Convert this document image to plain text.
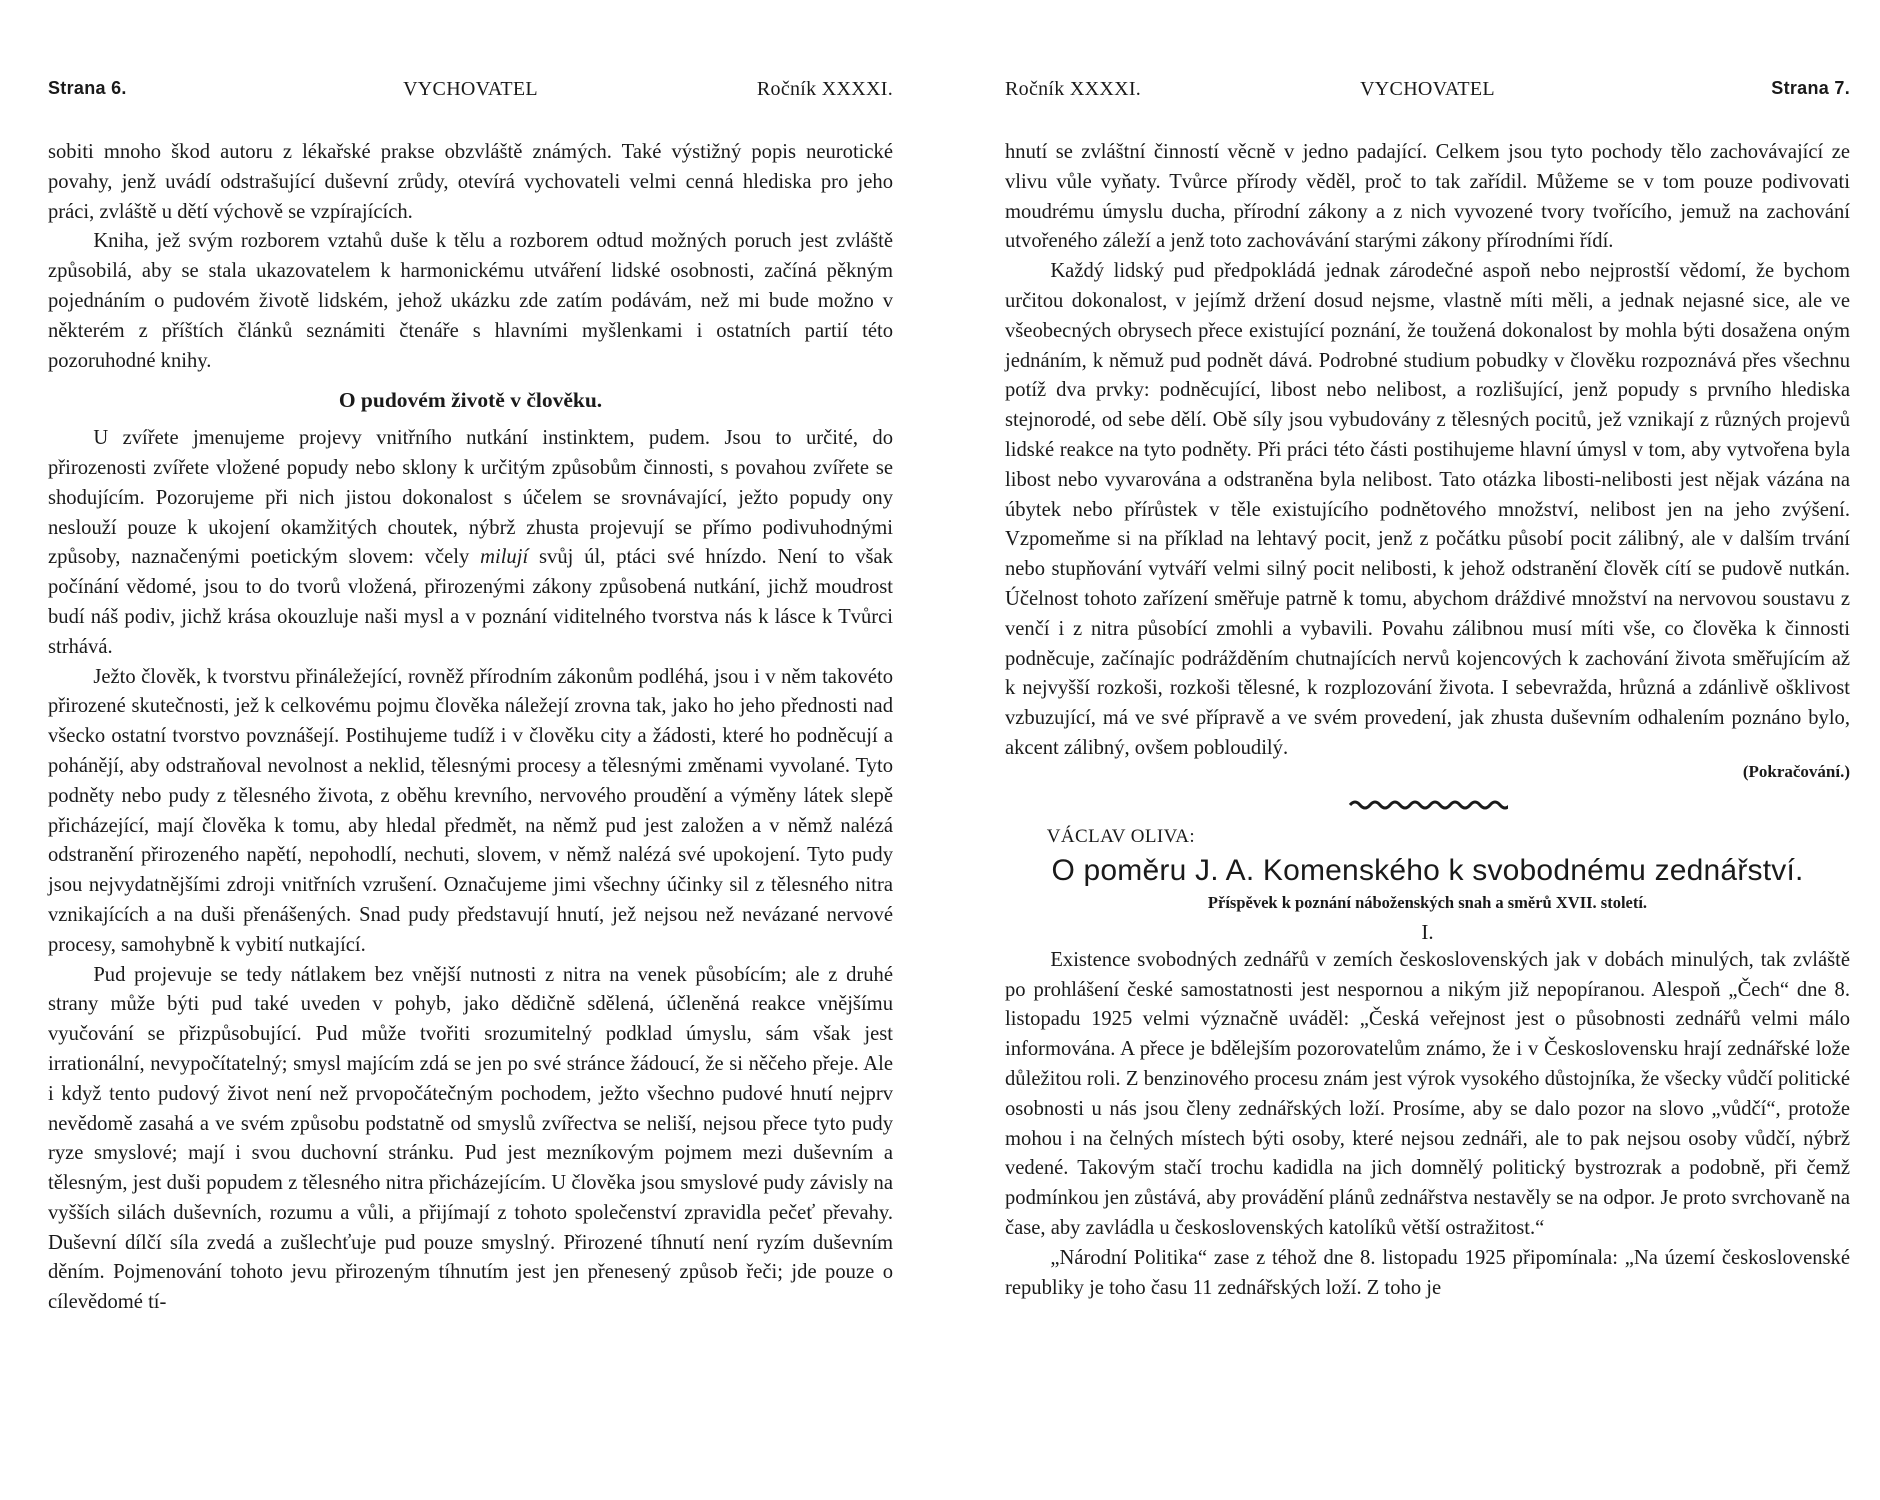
Strana 6.	VYCHOVATEL	Ročník XXXXI.

sobiti mnoho škod autoru z lékařské prakse obzvláště známých. Také výstižný popis neurotické povahy, jenž uvádí odstrašující duševní zrůdy, otevírá vychovateli velmi cenná hlediska pro jeho práci, zvláště u dětí výchově se vzpírajících.

Kniha, jež svým rozborem vztahů duše k tělu a rozborem odtud možných poruch jest zvláště způsobilá, aby se stala ukazovatelem k harmonickému utváření lidské osobnosti, začíná pěkným pojednáním o pudovém životě lidském, jehož ukázku zde zatím podávám, než mi bude možno v některém z příštích článků seznámiti čtenáře s hlavními myšlenkami i ostatních partií této pozoruhodné knihy.

O pudovém životě v člověku.

U zvířete jmenujeme projevy vnitřního nutkání instinktem, pudem. Jsou to určité, do přirozenosti zvířete vložené popudy nebo sklony k určitým způsobům činnosti, s povahou zvířete se shodujícím. Pozorujeme při nich jistou dokonalost s účelem se srovnávající, ježto popudy ony neslouží pouze k ukojení okamžitých choutek, nýbrž zhusta projevují se přímo podivuhodnými způsoby, naznačenými poetickým slovem: včely milují svůj úl, ptáci své hnízdo. Není to však počínání vědomé, jsou to do tvorů vložená, přirozenými zákony způsobená nutkání, jichž moudrost budí náš podiv, jichž krása okouzluje naši mysl a v poznání viditelného tvorstva nás k lásce k Tvůrci strhává.

Ježto člověk, k tvorstvu přináležející, rovněž přírodním zákonům podléhá, jsou i v něm takovéto přirozené skutečnosti, jež k celkovému pojmu člověka náležejí zrovna tak, jako ho jeho přednosti nad všecko ostatní tvorstvo povznášejí. Postihujeme tudíž i v člověku city a žádosti, které ho podněcují a pohánějí, aby odstraňoval nevolnost a neklid, tělesnými procesy a tělesnými změnami vyvolané. Tyto podněty nebo pudy z tělesného života, z oběhu krevního, nervového proudění a výměny látek slepě přicházející, mají člověka k tomu, aby hledal předmět, na němž pud jest založen a v němž nalézá odstranění přirozeného napětí, nepohodlí, nechuti, slovem, v němž nalézá své upokojení. Tyto pudy jsou nejvydatnějšími zdroji vnitřních vzrušení. Označujeme jimi všechny účinky sil z tělesného nitra vznikajících a na duši přenášených. Snad pudy představují hnutí, jež nejsou než nevázané nervové procesy, samohybně k vybití nutkající.

Pud projevuje se tedy nátlakem bez vnější nutnosti z nitra na venek působícím; ale z druhé strany může býti pud také uveden v pohyb, jako dědičně sdělená, účleněná reakce vnějšímu vyučování se přizpůsobující. Pud může tvořiti srozumitelný podklad úmyslu, sám však jest irrationální, nevypočítatelný; smysl majícím zdá se jen po své stránce žádoucí, že si něčeho přeje. Ale i když tento pudový život není než prvopočátečným pochodem, ježto všechno pudové hnutí nejprv nevědomě zasahá a ve svém způsobu podstatně od smyslů zvířectva se neliší, nejsou přece tyto pudy ryze smyslové; mají i svou duchovní stránku. Pud jest mezníkovým pojmem mezi duševním a tělesným, jest duši popudem z tělesného nitra přicházejícím. U člověka jsou smyslové pudy závisly na vyšších silách duševních, rozumu a vůli, a přijímají z tohoto společenství zpravidla pečeť převahy. Duševní dílčí síla zvedá a zušlechťuje pud pouze smyslný. Přirozené tíhnutí není ryzím duševním děním. Pojmenování tohoto jevu přirozeným tíhnutím jest jen přenesený způsob řeči; jde pouze o cílevědomé tí-

Ročník XXXXI.	VYCHOVATEL	Strana 7.

hnutí se zvláštní činností věcně v jedno padající. Celkem jsou tyto pochody tělo zachovávající ze vlivu vůle vyňaty. Tvůrce přírody věděl, proč to tak zařídil. Můžeme se v tom pouze podivovati moudrému úmyslu ducha, přírodní zákony a z nich vyvozené tvory tvořícího, jemuž na zachování utvořeného záleží a jenž toto zachovávání starými zákony přírodními řídí.

Každý lidský pud předpokládá jednak zárodečné aspoň nebo nejprostší vědomí, že bychom určitou dokonalost, v jejímž držení dosud nejsme, vlastně míti měli, a jednak nejasné sice, ale ve všeobecných obrysech přece existující poznání, že toužená dokonalost by mohla býti dosažena oným jednáním, k němuž pud podnět dává. Podrobné studium pobudky v člověku rozpoznává přes všechnu potíž dva prvky: podněcující, libost nebo nelibost, a rozlišující, jenž popudy s prvního hlediska stejnorodé, od sebe dělí. Obě síly jsou vybudovány z tělesných pocitů, jež vznikají z různých projevů lidské reakce na tyto podněty. Při práci této části postihujeme hlavní úmysl v tom, aby vytvořena byla libost nebo vyvarována a odstraněna byla nelibost. Tato otázka libosti-nelibosti jest nějak vázána na úbytek nebo přírůstek v těle existujícího podnětového množství, nelibost jen na jeho zvýšení. Vzpomeňme si na příklad na lehtavý pocit, jenž z počátku působí pocit zálibný, ale v dalším trvání nebo stupňování vytváří velmi silný pocit nelibosti, k jehož odstranění člověk cítí se pudově nutkán. Účelnost tohoto zařízení směřuje patrně k tomu, abychom dráždivé množství na nervovou soustavu z venčí i z nitra působící zmohli a vybavili. Povahu zálibnou musí míti vše, co člověka k činnosti podněcuje, začínajíc podrážděním chutnajících nervů kojencových k zachování života směřujícím až k nejvyšší rozkoši, rozkoši tělesné, k rozplozování života. I sebevražda, hrůzná a zdánlivě ošklivost vzbuzující, má ve své přípravě a ve svém provedení, jak zhusta duševním odhalením poznáno bylo, akcent zálibný, ovšem pobloudilý.

(Pokračování.)

VÁCLAV OLIVA:

O poměru J. A. Komenského k svobodnému zednářství.
Příspěvek k poznání náboženských snah a směrů XVII. století.
I.

Existence svobodných zednářů v zemích československých jak v dobách minulých, tak zvláště po prohlášení české samostatnosti jest nespornou a nikým již nepopíranou. Alespoň „Čech“ dne 8. listopadu 1925 velmi význačně uváděl: „Česká veřejnost jest o působnosti zednářů velmi málo informována. A přece je bdělejším pozorovatelům známo, že i v Československu hrají zednářské lože důležitou roli. Z benzinového procesu znám jest výrok vysokého důstojníka, že všecky vůdčí politické osobnosti u nás jsou členy zednářských loží. Prosíme, aby se dalo pozor na slovo „vůdčí“, protože mohou i na čelných místech býti osoby, které nejsou zednáři, ale to pak nejsou osoby vůdčí, nýbrž vedené. Takovým stačí trochu kadidla na jich domnělý politický bystrozrak a podobně, při čemž podmínkou jen zůstává, aby provádění plánů zednářstva nestavěly se na odpor. Je proto svrchovaně na čase, aby zavládla u československých katolíků větší ostražitost.“

„Národní Politika“ zase z téhož dne 8. listopadu 1925 připomínala: „Na území československé republiky je toho času 11 zednářských loží. Z toho je
